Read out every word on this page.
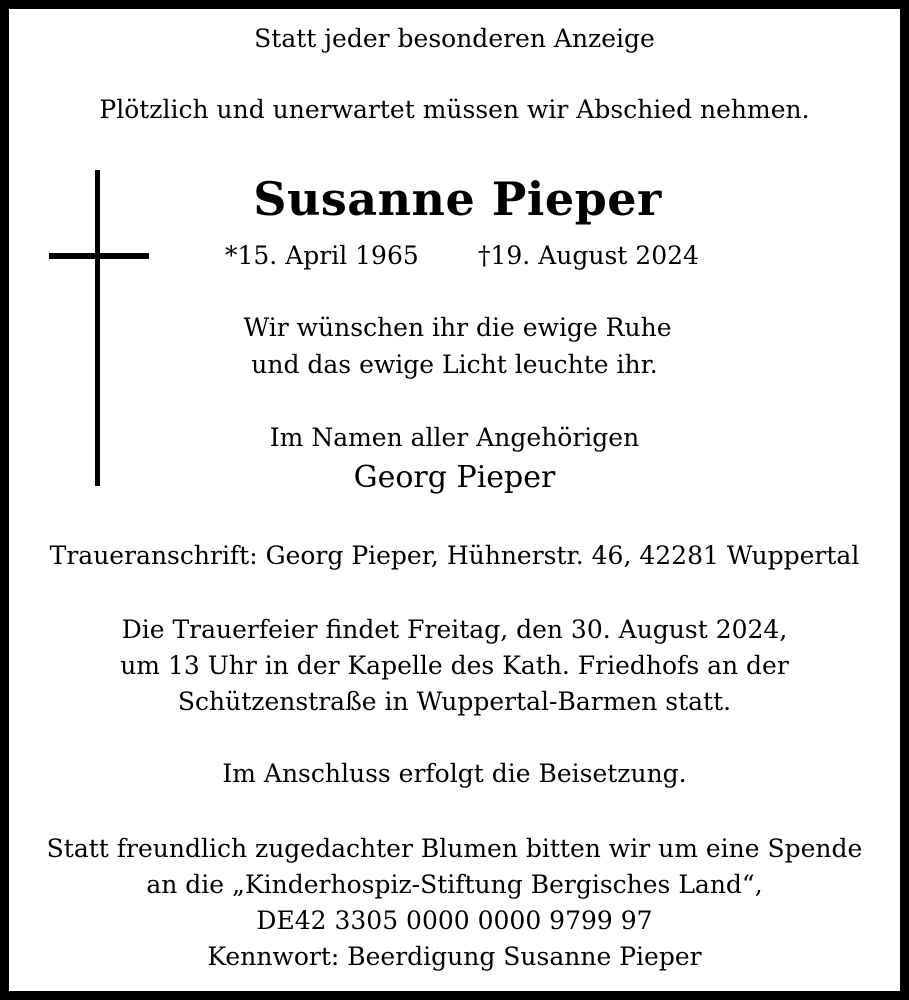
Statt jeder besonderen Anzeige
Plötzlich und unerwartet müssen wir Abschied nehmen.
Susanne Pieper
*15. April 1965 †19. August 2024
Wir wünschen ihr die ewige Ruhe
und das ewige Licht leuchte ihr.
Im Namen aller Angehörigen
Georg Pieper
Traueranschrift: Georg Pieper, Hühnerstr. 46, 42281 Wuppertal
Die Trauerfeier findet Freitag, den 30. August 2024,
um 13 Uhr in der Kapelle des Kath. Friedhofs an der
Schützenstraße in Wuppertal-Barmen statt.
Im Anschluss erfolgt die Beisetzung.
Statt freundlich zugedachter Blumen bitten wir um eine Spende
an die „Kinderhospiz-Stiftung Bergisches Land“,
DE42 3305 0000 0000 9799 97
Kennwort: Beerdigung Susanne Pieper
